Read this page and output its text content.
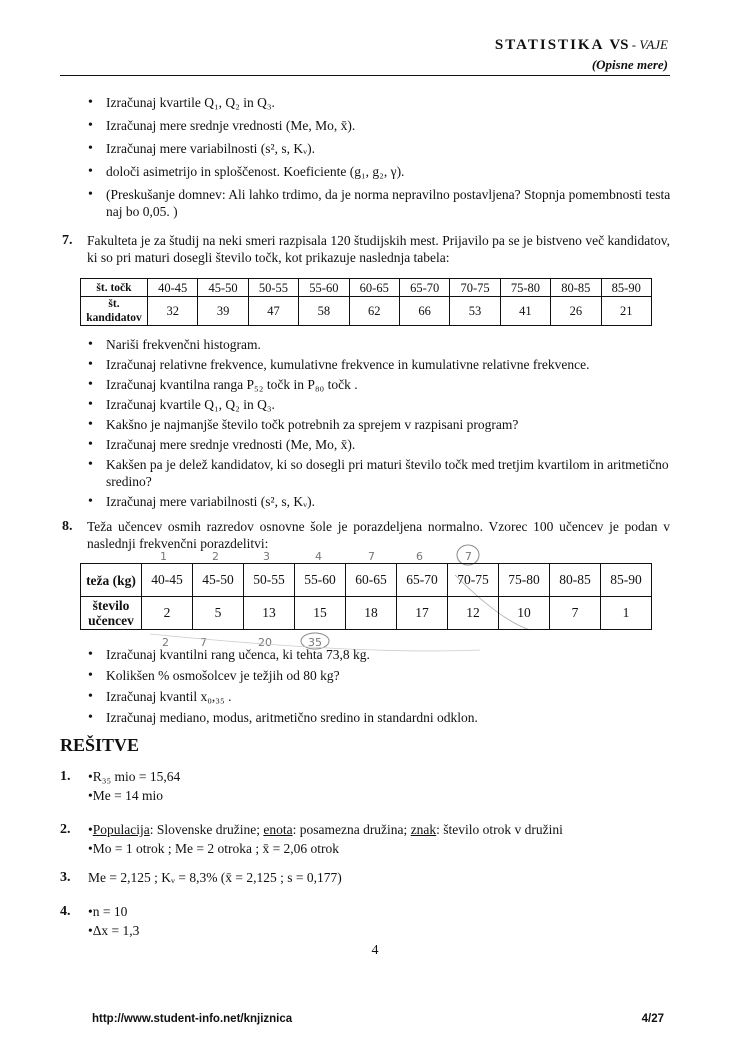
STATISTIKA VS - VAJE
(Opisne mere)
• Izračunaj kvartile Q₁, Q₂ in Q₃.
• Izračunaj mere srednje vrednosti (Me, Mo, x̄).
• Izračunaj mere variabilnosti (s², s, Kᵥ).
• določi asimetrijo in sploščenost. Koeficiente (g₁, g₂, γ).
• (Preskušanje domnev: Ali lahko trdimo, da je norma nepravilno postavljena? Stopnja pomembnosti testa naj bo 0,05. )
7. Fakulteta je za študij na neki smeri razpisala 120 študijskih mest. Prijavilo pa se je bistveno več kandidatov, ki so pri maturi dosegli število točk, kot prikazuje naslednja tabela:
št. točk	40-45	45-50	50-55	55-60	60-65	65-70	70-75	75-80	80-85	85-90
št. kandidatov	32	39	47	58	62	66	53	41	26	21
• Nariši frekvenčni histogram.
• Izračunaj relativne frekvence, kumulativne frekvence in kumulativne relativne frekvence.
• Izračunaj kvantilna ranga P₅₂ točk in P₈₀ točk .
• Izračunaj kvartile Q₁, Q₂ in Q₃.
• Kakšno je najmanjše število točk potrebnih za sprejem v razpisani program?
• Izračunaj mere srednje vrednosti (Me, Mo, x̄).
• Kakšen pa je delež kandidatov, ki so dosegli pri maturi število točk med tretjim kvartilom in aritmetično sredino?
• Izračunaj mere variabilnosti (s², s, Kᵥ).
8. Teža učencev osmih razredov osnovne šole je porazdeljena normalno. Vzorec 100 učencev je podan v naslednji frekvenčni porazdelitvi:
1	2	3	4	7	6	7
2	7	20	35
teža (kg)	40-45	45-50	50-55	55-60	60-65	65-70	70-75	75-80	80-85	85-90
število učencev	2	5	13	15	18	17	12	10	7	1
• Izračunaj kvantilni rang učenca, ki tehta 73,8 kg.
• Kolikšen % osmošolcev je težjih od 80 kg?
• Izračunaj kvantil x₀,₃₅ .
• Izračunaj mediano, modus, aritmetično sredino in standardni odklon.
REŠITVE
1.	• R₃₅ mio = 15,64
• Me = 14 mio
2.	• Populacija: Slovenske družine; enota: posamezna družina; znak: število otrok v družini
• Mo = 1 otrok ; Me = 2 otroka ; x̄ = 2,06 otrok
3. Me = 2,125 ; Kᵥ = 8,3% (x̄ = 2,125 ; s = 0,177)
4.	• n = 10
• Δx = 1,3
4
http://www.student-info.net/knjiznica	4/27
